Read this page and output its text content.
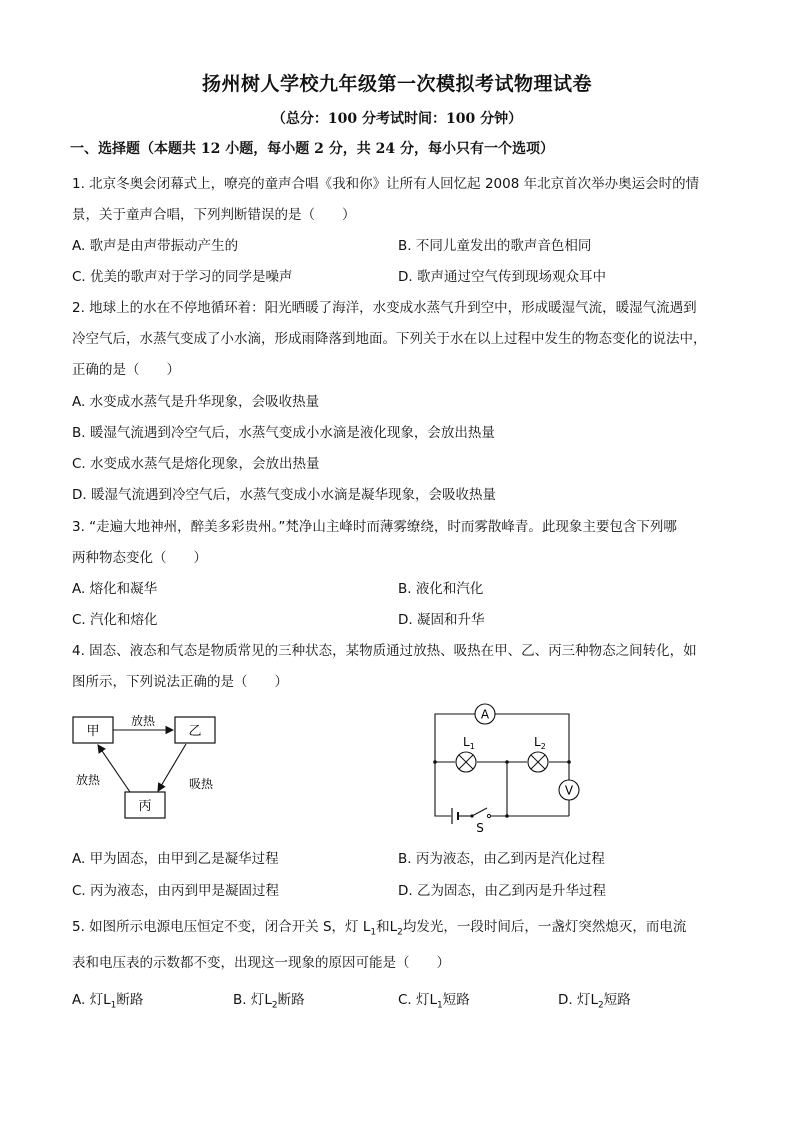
扬州树人学校九年级第一次模拟考试物理试卷
（总分：100 分考试时间：100 分钟）
一、选择题（本题共 12 小题，每小题 2 分，共 24 分，每小只有一个选项）
1. 北京冬奥会闭幕式上，嘹亮的童声合唱《我和你》让所有人回忆起 2008 年北京首次举办奥运会时的情
景，关于童声合唱，下列判断错误的是（　　）
A. 歌声是由声带振动产生的	B. 不同儿童发出的歌声音色相同
C. 优美的歌声对于学习的同学是噪声	D. 歌声通过空气传到现场观众耳中
2. 地球上的水在不停地循环着：阳光晒暖了海洋，水变成水蒸气升到空中，形成暖湿气流，暖湿气流遇到
冷空气后，水蒸气变成了小水滴，形成雨降落到地面。下列关于水在以上过程中发生的物态变化的说法中，
正确的是（　　）
A. 水变成水蒸气是升华现象，会吸收热量
B. 暖湿气流遇到冷空气后，水蒸气变成小水滴是液化现象，会放出热量
C. 水变成水蒸气是熔化现象，会放出热量
D. 暖湿气流遇到冷空气后，水蒸气变成小水滴是凝华现象，会吸收热量
3. “走遍大地神州，醉美多彩贵州。”梵净山主峰时而薄雾缭绕，时而雾散峰青。此现象主要包含下列哪
两种物态变化（　　）
A. 熔化和凝华	B. 液化和汽化
C. 汽化和熔化	D. 凝固和升华
4. 固态、液态和气态是物质常见的三种状态，某物质通过放热、吸热在甲、乙、丙三种物态之间转化，如
图所示，下列说法正确的是（　　）
甲	乙
丙
放热
吸热
放热
S
A
$L_1$	$L_2$
V
A. 甲为固态，由甲到乙是凝华过程	B. 丙为液态，由乙到丙是汽化过程
C. 丙为液态，由丙到甲是凝固过程	D. 乙为固态，由乙到丙是升华过程
5. 如图所示电源电压恒定不变，闭合开关 S，灯 $L_1$和$L_2$均发光，一段时间后，一盏灯突然熄灭，而电流
表和电压表的示数都不变，出现这一现象的原因可能是（　　）
A. 灯$L_1$断路	B. 灯$L_2$断路	C. 灯$L_1$短路	D. 灯$L_2$短路
